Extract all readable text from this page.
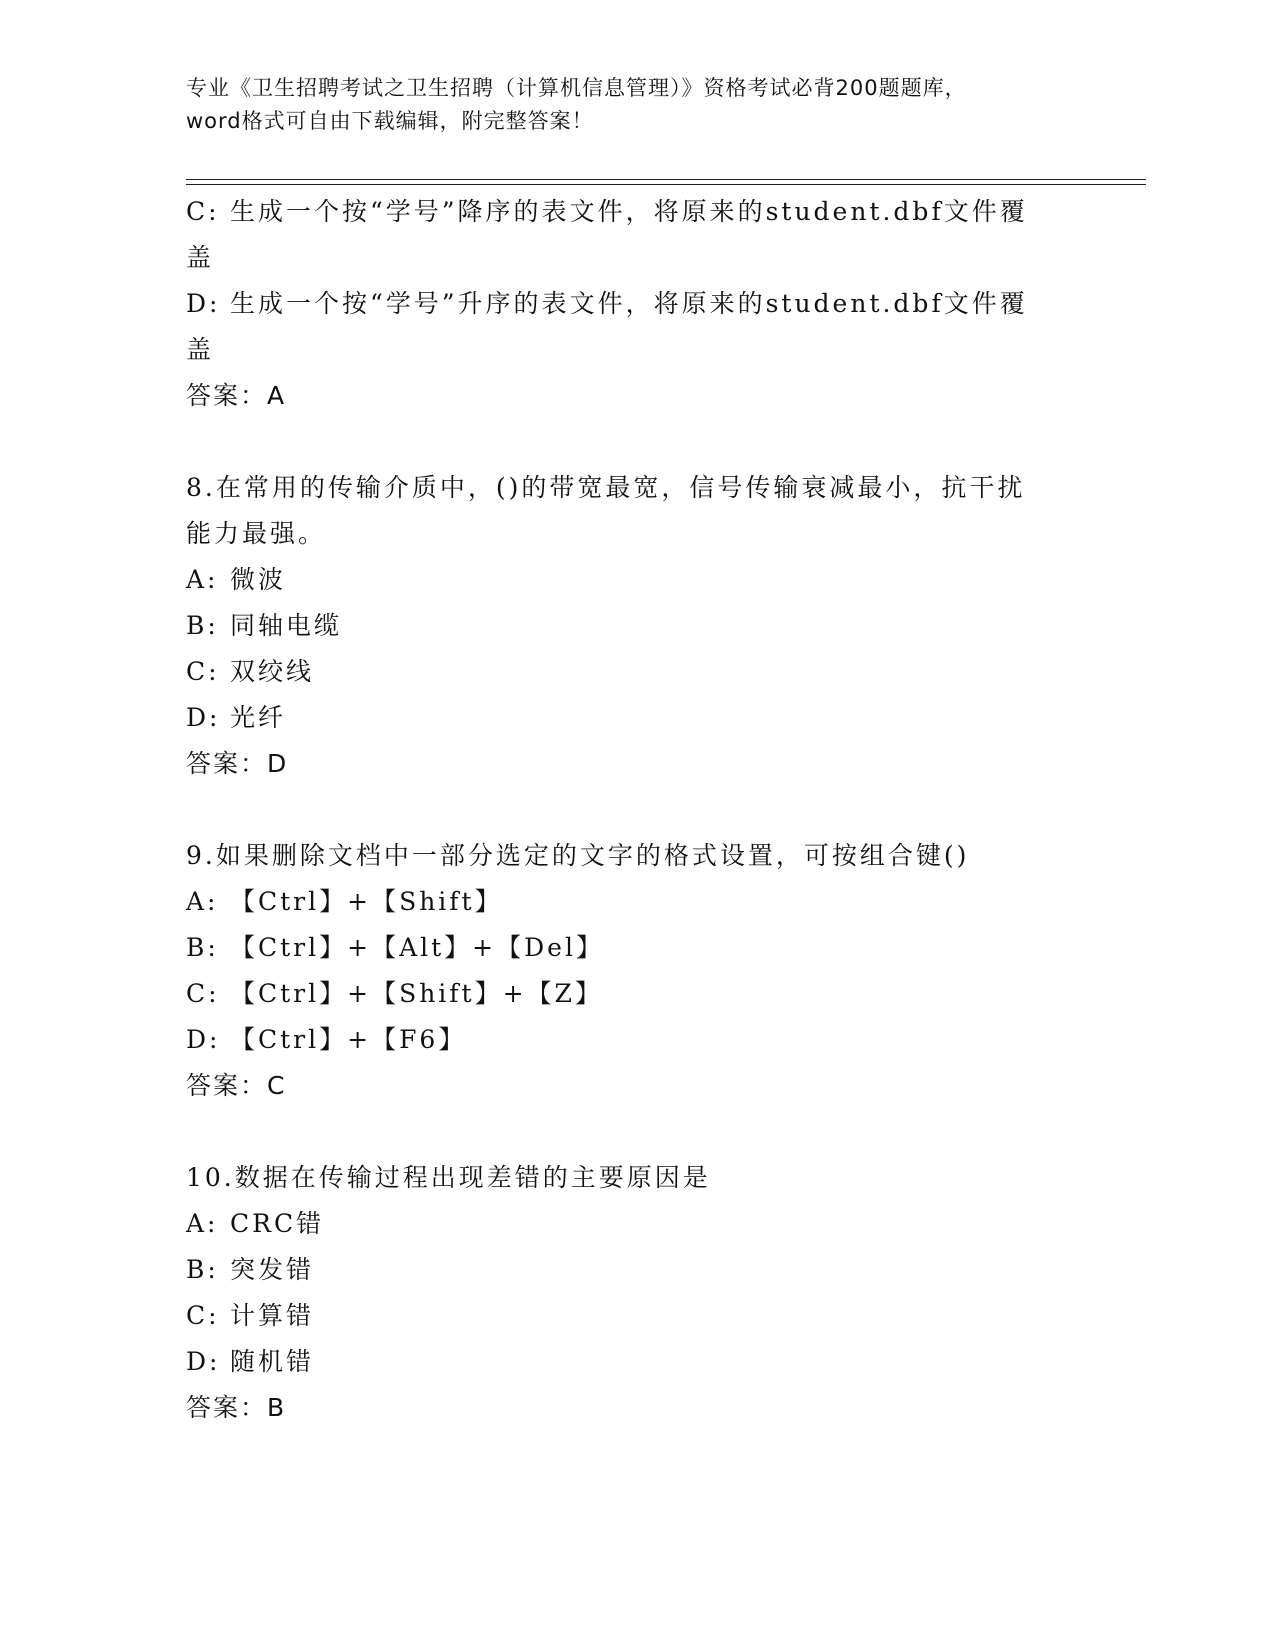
专业《卫生招聘考试之卫生招聘（计算机信息管理）》资格考试必背200题题库，
word格式可自由下载编辑，附完整答案！
C: 生成一个按“学号”降序的表文件，将原来的student.dbf文件覆
盖
D: 生成一个按“学号”升序的表文件，将原来的student.dbf文件覆
盖
答案：A
8.在常用的传输介质中，()的带宽最宽，信号传输衰减最小，抗干扰
能力最强。
A: 微波
B: 同轴电缆
C: 双绞线
D: 光纤
答案：D
9.如果删除文档中一部分选定的文字的格式设置，可按组合键()
A: 【Ctrl】+【Shift】
B: 【Ctrl】+【Alt】+【Del】
C: 【Ctrl】+【Shift】+【Z】
D: 【Ctrl】+【F6】
答案：C
10.数据在传输过程出现差错的主要原因是
A: CRC错
B: 突发错
C: 计算错
D: 随机错
答案：B
